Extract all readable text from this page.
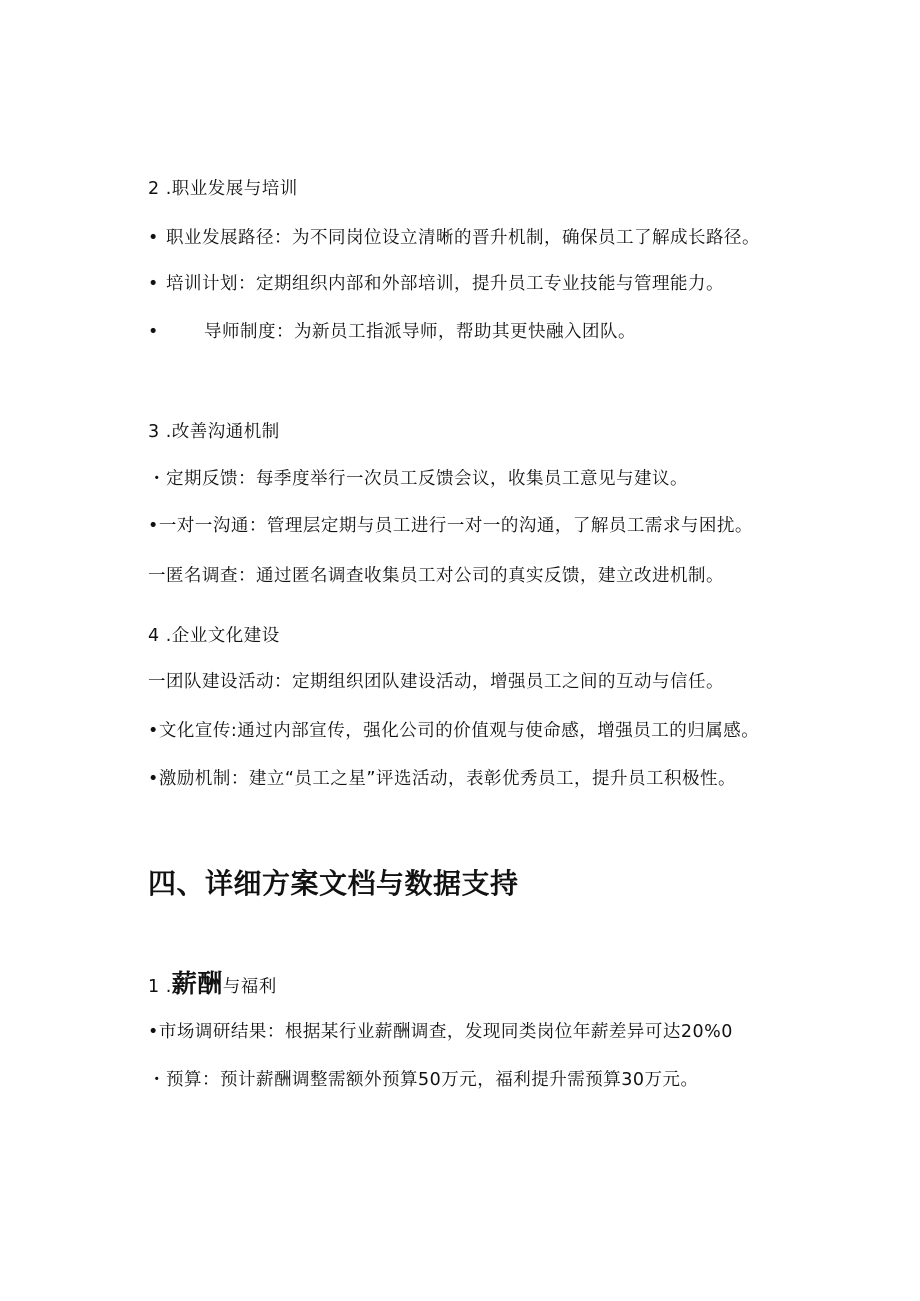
2 .职业发展与培训
• 职业发展路径：为不同岗位设立清晰的晋升机制，确保员工了解成长路径。
• 培训计划：定期组织内部和外部培训，提升员工专业技能与管理能力。
•	导师制度：为新员工指派导师，帮助其更快融入团队。
3 .改善沟通机制
・定期反馈：每季度举行一次员工反馈会议，收集员工意见与建议。
•一对一沟通：管理层定期与员工进行一对一的沟通，了解员工需求与困扰。
一匿名调查：通过匿名调查收集员工对公司的真实反馈，建立改进机制。
4 .企业文化建设
一团队建设活动：定期组织团队建设活动，增强员工之间的互动与信任。
•文化宣传:通过内部宣传，强化公司的价值观与使命感，增强员工的归属感。
•激励机制：建立“员工之星”评选活动，表彰优秀员工，提升员工积极性。
四、详细方案文档与数据支持
1 .薪酬与福利
•市场调研结果：根据某行业薪酬调查，发现同类岗位年薪差异可达20%0
・预算：预计薪酬调整需额外预算50万元，福利提升需预算30万元。
